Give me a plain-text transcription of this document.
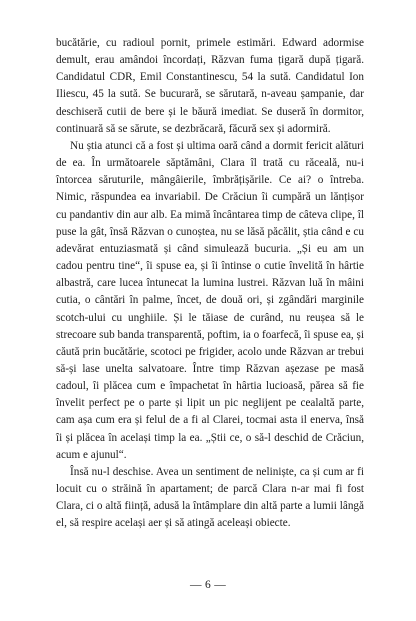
bucătărie, cu radioul pornit, primele estimări. Edward adormise demult, erau amândoi încordați, Răzvan fuma țigară după țigară. Candidatul CDR, Emil Constantinescu, 54 la sută. Candidatul Ion Iliescu, 45 la sută. Se bucurară, se sărutară, n-aveau șampanie, dar deschiseră cutii de bere și le băură imediat. Se duseră în dormitor, continuară să se sărute, se dezbrăcară, făcură sex și adormiră.

Nu știa atunci că a fost și ultima oară când a dormit fericit alături de ea. În următoarele săptămâni, Clara îl trată cu răceală, nu-i întorcea săruturile, mângâierile, îmbrățișările. Ce ai? o întreba. Nimic, răspundea ea invariabil. De Crăciun îi cumpără un lănțișor cu pandantiv din aur alb. Ea mimă încântarea timp de câteva clipe, îl puse la gât, însă Răzvan o cunoștea, nu se lăsă păcălit, știa când e cu adevărat entuziasmată și când simulează bucuria. „Și eu am un cadou pentru tine“, îi spuse ea, și îi întinse o cutie învelită în hârtie albastră, care lucea întunecat la lumina lustrei. Răzvan luă în mâini cutia, o cântări în palme, încet, de două ori, și zgândări marginile scotch-ului cu unghiile. Și le tăiase de curând, nu reușea să le strecoare sub banda transparentă, poftim, ia o foarfecă, îi spuse ea, și căută prin bucătărie, scotoci pe frigider, acolo unde Răzvan ar trebui să-și lase unelta salvatoare. Între timp Răzvan așezase pe masă cadoul, îi plăcea cum e împachetat în hârtia lucioasă, părea să fie învelit perfect pe o parte și lipit un pic neglijent pe cealaltă parte, cam așa cum era și felul de a fi al Clarei, tocmai asta il enerva, însă îi și plăcea în același timp la ea. „Știi ce, o să-l deschid de Crăciun, acum e ajunul“.

Însă nu-l deschise. Avea un sentiment de neliniște, ca și cum ar fi locuit cu o străină în apartament; de parcă Clara n-ar mai fi fost Clara, ci o altă ființă, adusă la întâmplare din altă parte a lumii lângă el, să respire același aer și să atingă aceleași obiecte.

— 6 —
